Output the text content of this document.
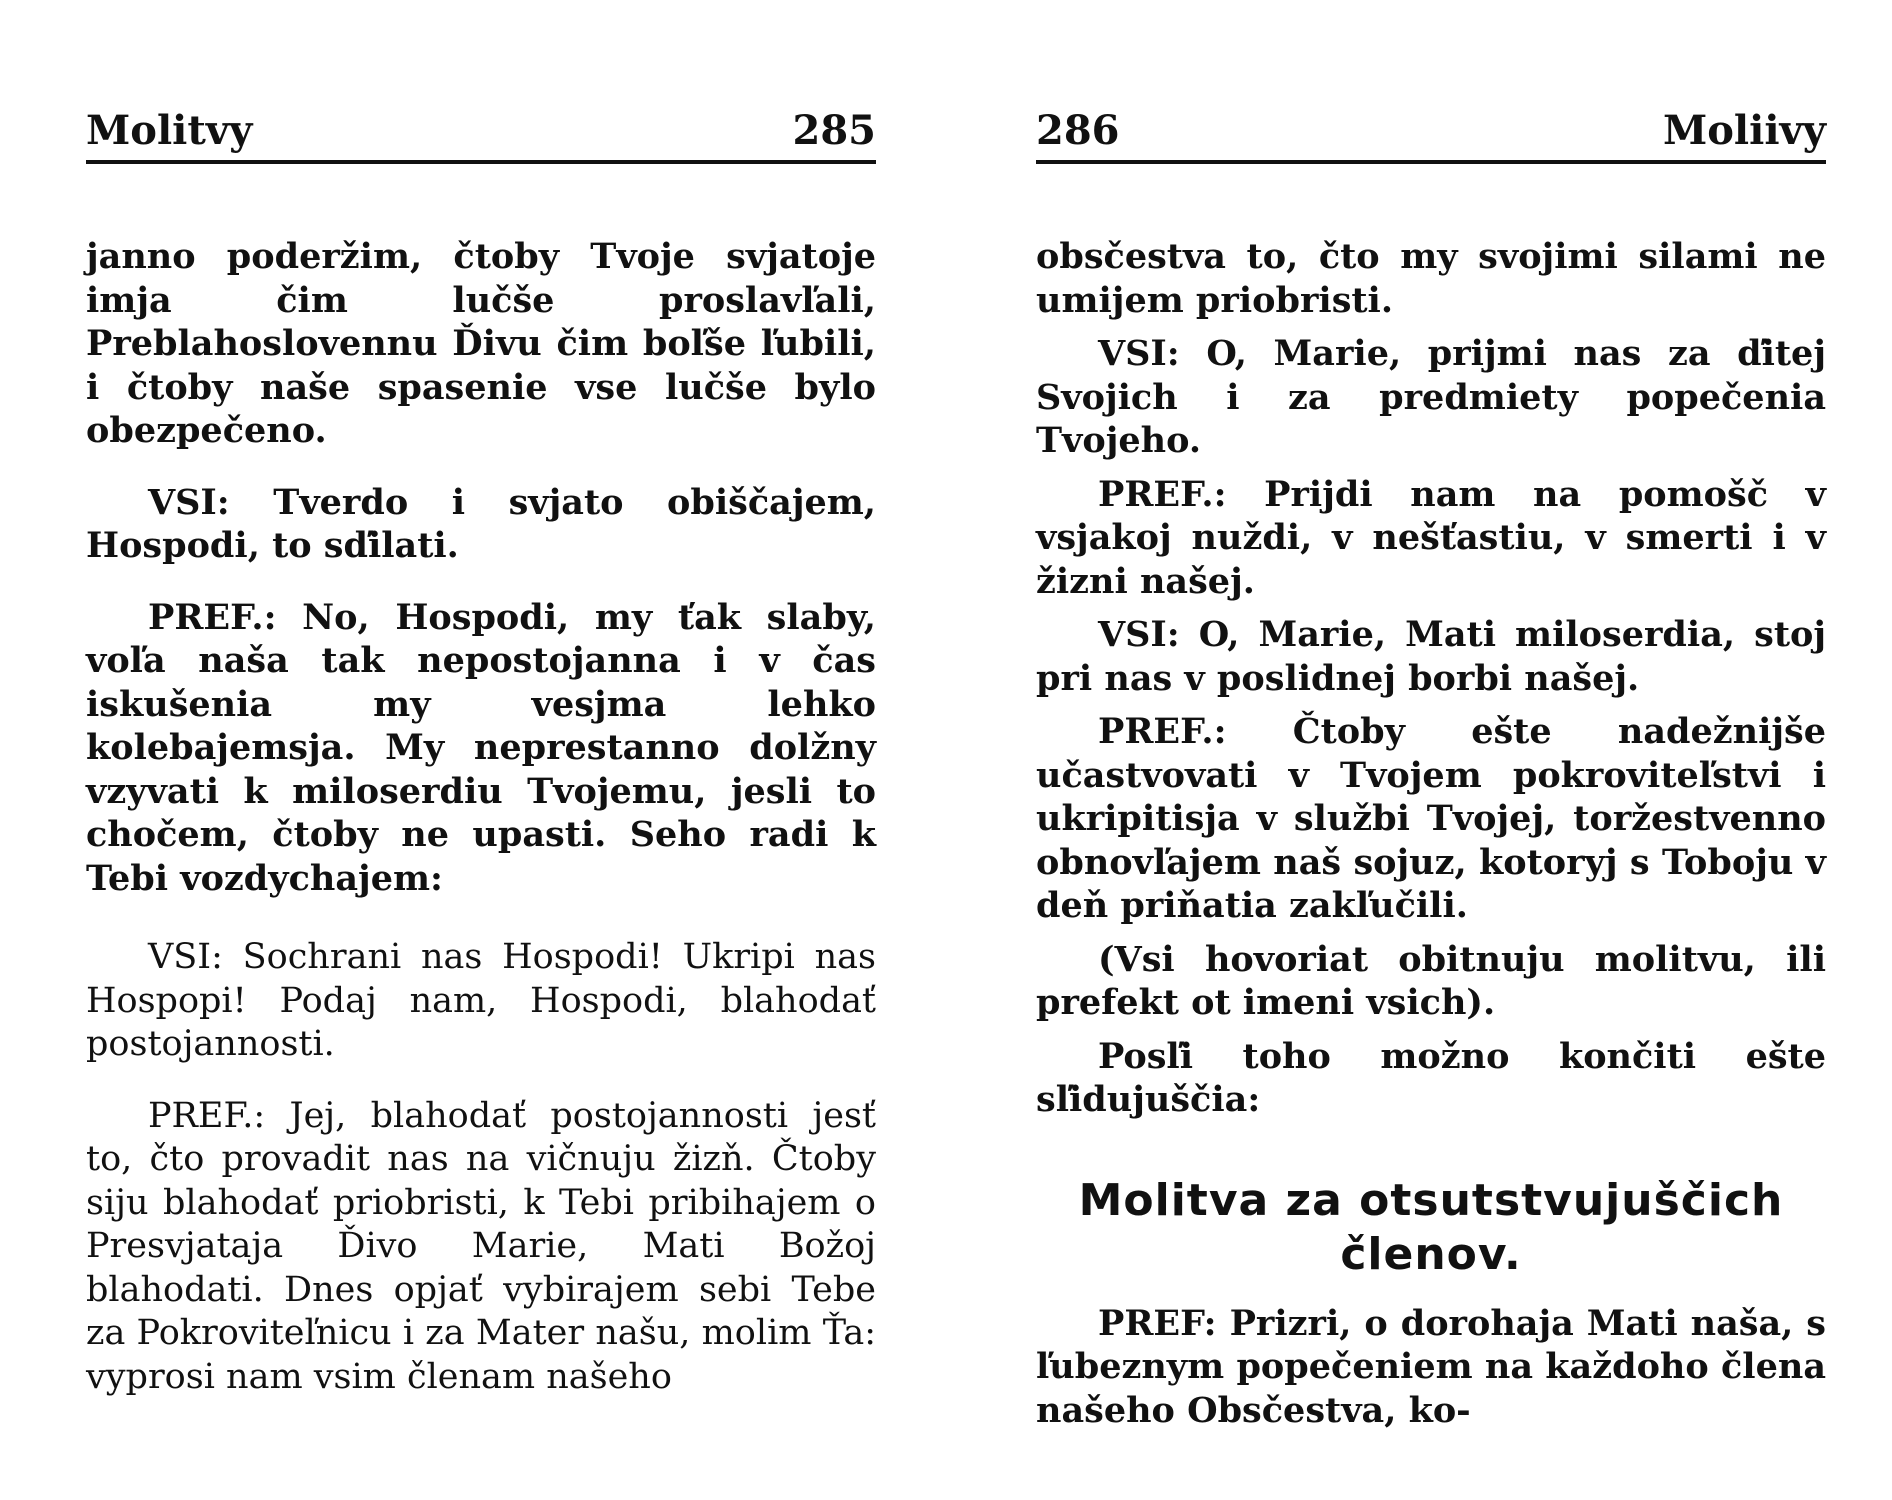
Molitvy	285

janno poderžim, čtoby Tvoje svjatoje imja čim lučše proslavľali, Preblahoslovennu Ďivu čim boľše ľubili, i čtoby naše spasenie vse lučše bylo obezpečeno.

VSI: Tverdo i svjato obiščajem, Hospodi, to sďilati.

PREF.: No, Hospodi, my ťak slaby, voľa naša tak nepostojanna i v čas iskušenia my vesjma lehko kolebajemsja. My neprestanno dolžny vzyvati k miloserdiu Tvojemu, jesli to chočem, čtoby ne upasti. Seho radi k Tebi vozdychajem:

VSI: Sochrani nas Hospodi! Ukripi nas Hospopi! Podaj nam, Hospodi, blahodať postojannosti.

PREF.: Jej, blahodať postojannosti jesť to, čto provadit nas na vičnuju žizň. Čtoby siju blahodať priobristi, k Tebi pribihajem o Presvjataja Ďivo Marie, Mati Božoj blahodati. Dnes opjať vybirajem sebi Tebe za Pokroviteľnicu i za Mater našu, molim Ťa: vyprosi nam vsim členam našeho

286	Moliivy

obsčestva to, čto my svojimi silami ne umijem priobristi.

VSI: O, Marie, prijmi nas za ďitej Svojich i za predmiety popečenia Tvojeho.

PREF.: Prijdi nam na pomošč v vsjakoj nuždi, v nešťastiu, v smerti i v žizni našej.

VSI: O, Marie, Mati miloserdia, stoj pri nas v poslidnej borbi našej.

PREF.: Čtoby ešte nadežnijše učastvovati v Tvojem pokroviteľstvi i ukripitisja v službi Tvojej, toržestvenno obnovľajem naš sojuz, kotoryj s Toboju v deň priňatia zakľučili.

(Vsi hovoriat obitnuju molitvu, ili prefekt ot imeni vsich).

Posľi toho možno končiti ešte sľidujuščia:

Molitva za otsutstvujuščich členov.

PREF: Prizri, o dorohaja Mati naša, s ľubeznym popečeniem na každoho člena našeho Obsčestva, ko-
